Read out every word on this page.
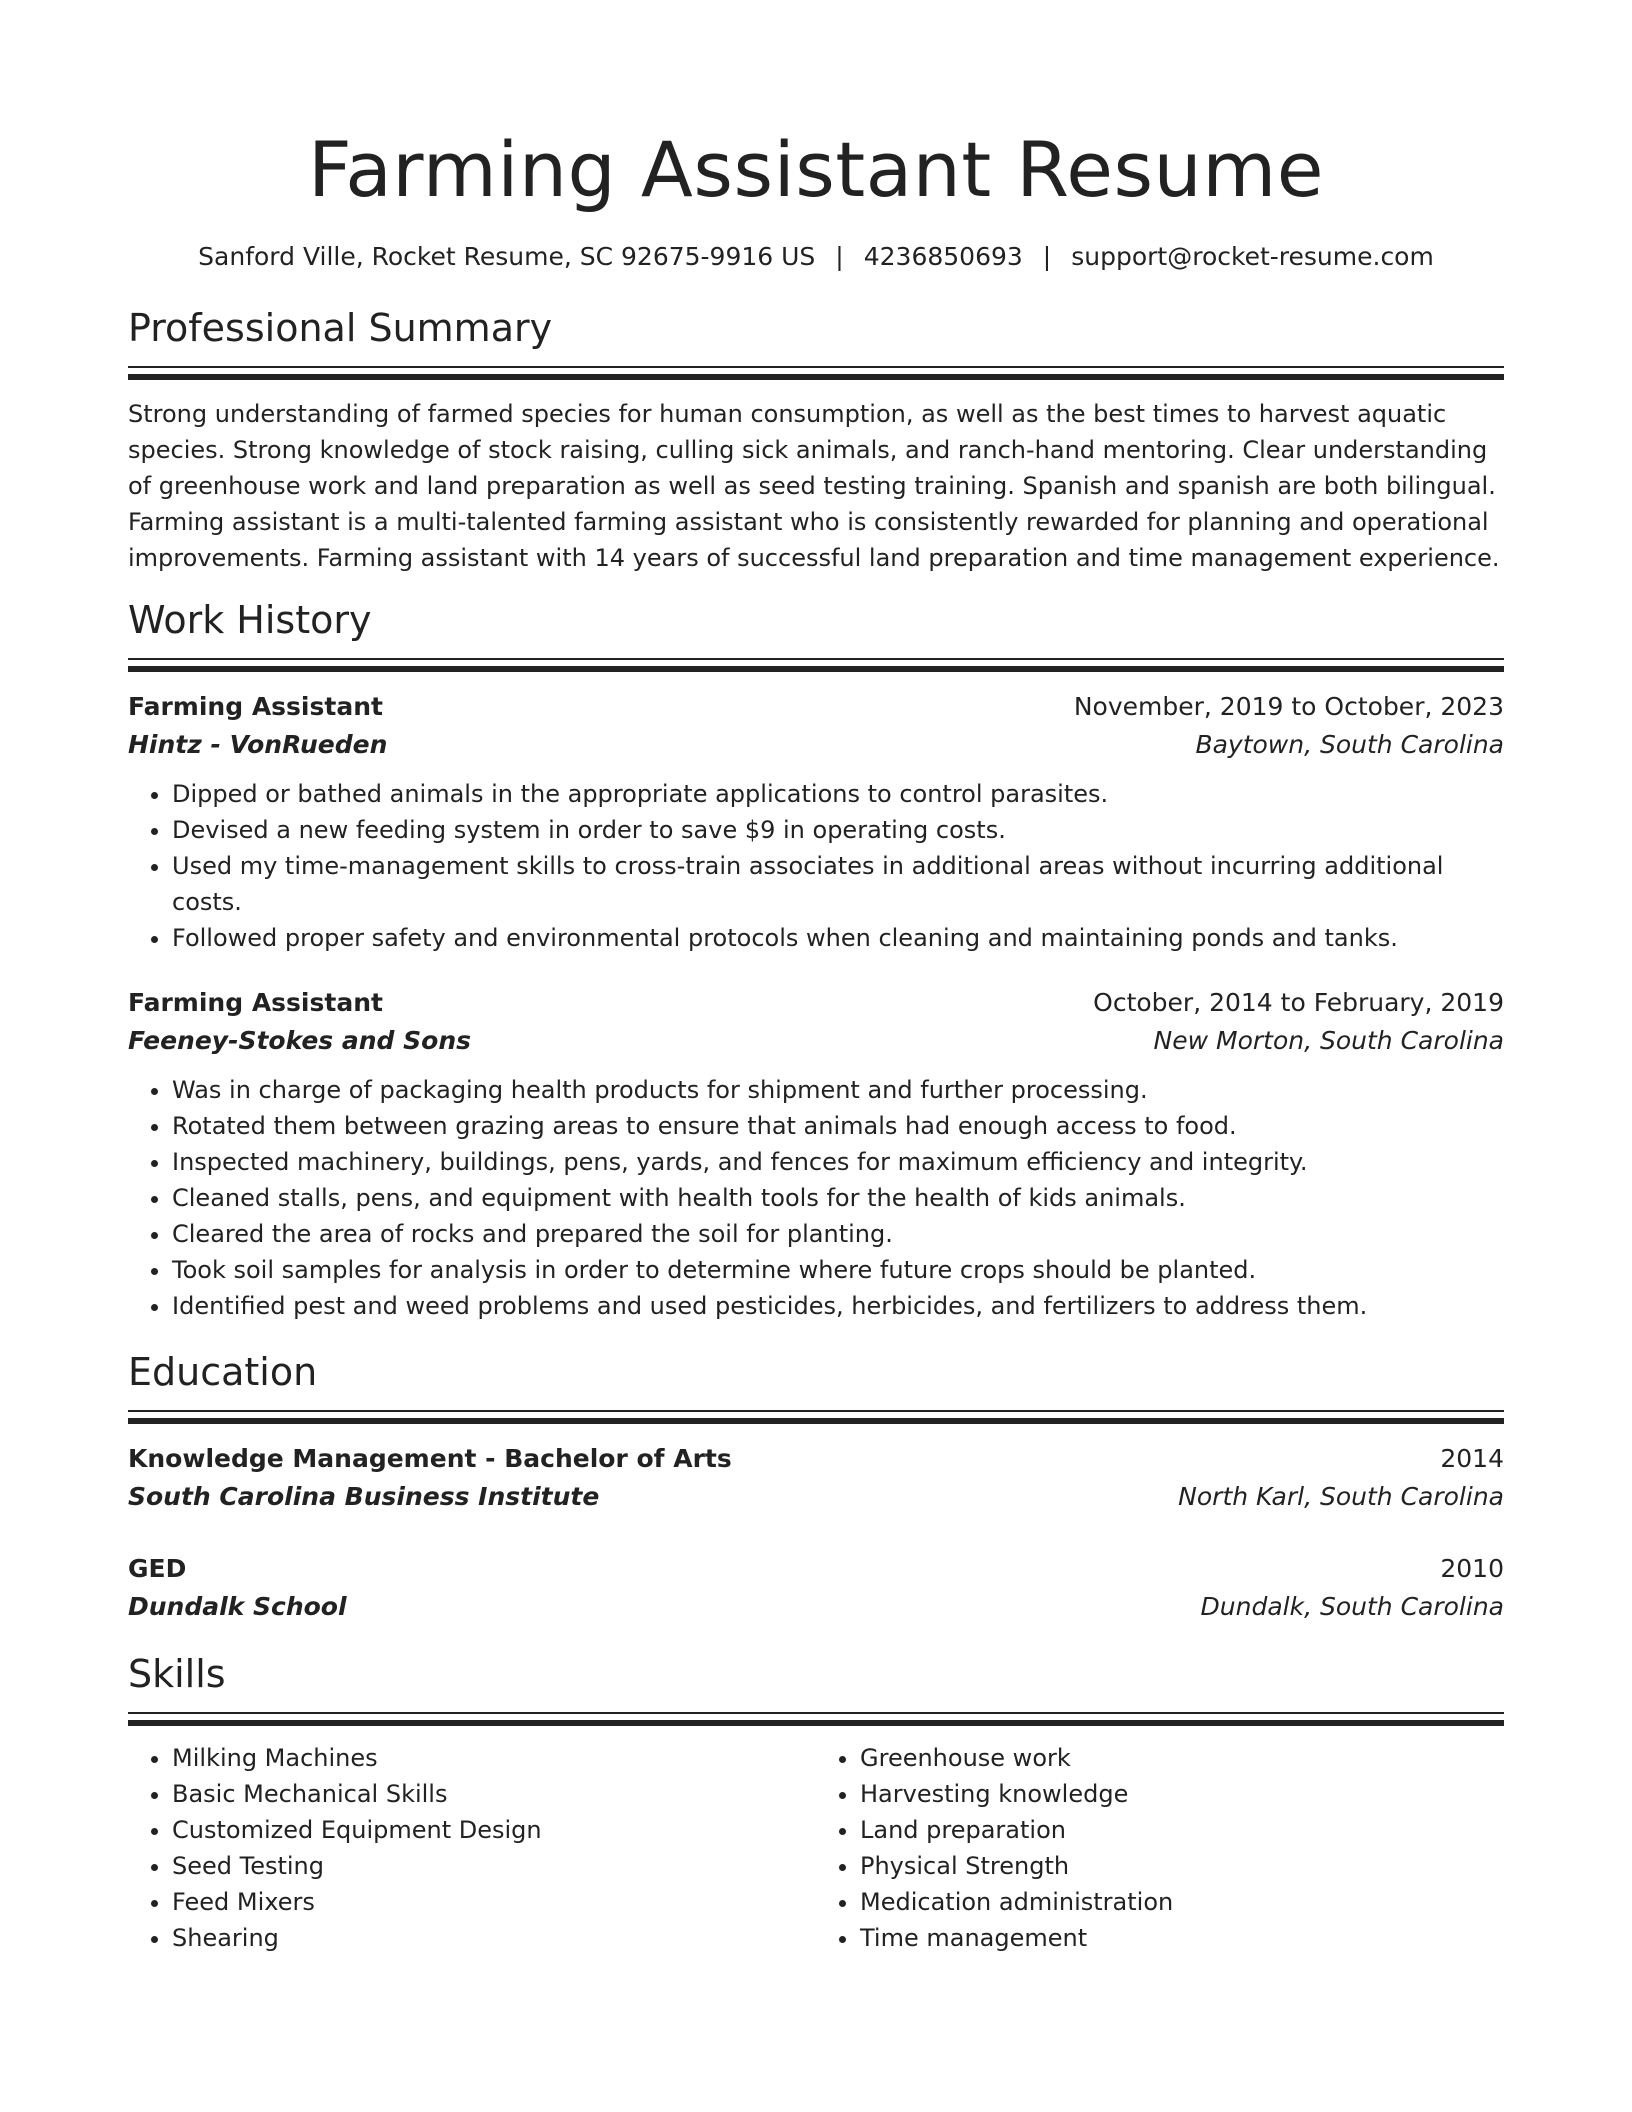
Farming Assistant Resume
Sanford Ville, Rocket Resume, SC 92675-9916 US | 4236850693 | support@rocket-resume.com
Professional Summary

Strong understanding of farmed species for human consumption, as well as the best times to harvest aquatic species. Strong knowledge of stock raising, culling sick animals, and ranch-hand mentoring. Clear understanding of greenhouse work and land preparation as well as seed testing training. Spanish and spanish are both bilingual. Farming assistant is a multi-talented farming assistant who is consistently rewarded for planning and operational improvements. Farming assistant with 14 years of successful land preparation and time management experience.

Work History
Farming Assistant	November, 2019 to October, 2023
Hintz - VonRueden	Baytown, South Carolina
• Dipped or bathed animals in the appropriate applications to control parasites.
• Devised a new feeding system in order to save $9 in operating costs.
• Used my time-management skills to cross-train associates in additional areas without incurring additional costs.
• Followed proper safety and environmental protocols when cleaning and maintaining ponds and tanks.
Farming Assistant	October, 2014 to February, 2019
Feeney-Stokes and Sons	New Morton, South Carolina
• Was in charge of packaging health products for shipment and further processing.
• Rotated them between grazing areas to ensure that animals had enough access to food.
• Inspected machinery, buildings, pens, yards, and fences for maximum efficiency and integrity.
• Cleaned stalls, pens, and equipment with health tools for the health of kids animals.
• Cleared the area of rocks and prepared the soil for planting.
• Took soil samples for analysis in order to determine where future crops should be planted.
• Identified pest and weed problems and used pesticides, herbicides, and fertilizers to address them.
Education
Knowledge Management - Bachelor of Arts	2014
South Carolina Business Institute	North Karl, South Carolina
GED	2010
Dundalk School	Dundalk, South Carolina
Skills
• Milking Machines
• Basic Mechanical Skills
• Customized Equipment Design
• Seed Testing
• Feed Mixers
• Shearing
• Greenhouse work
• Harvesting knowledge
• Land preparation
• Physical Strength
• Medication administration
• Time management
